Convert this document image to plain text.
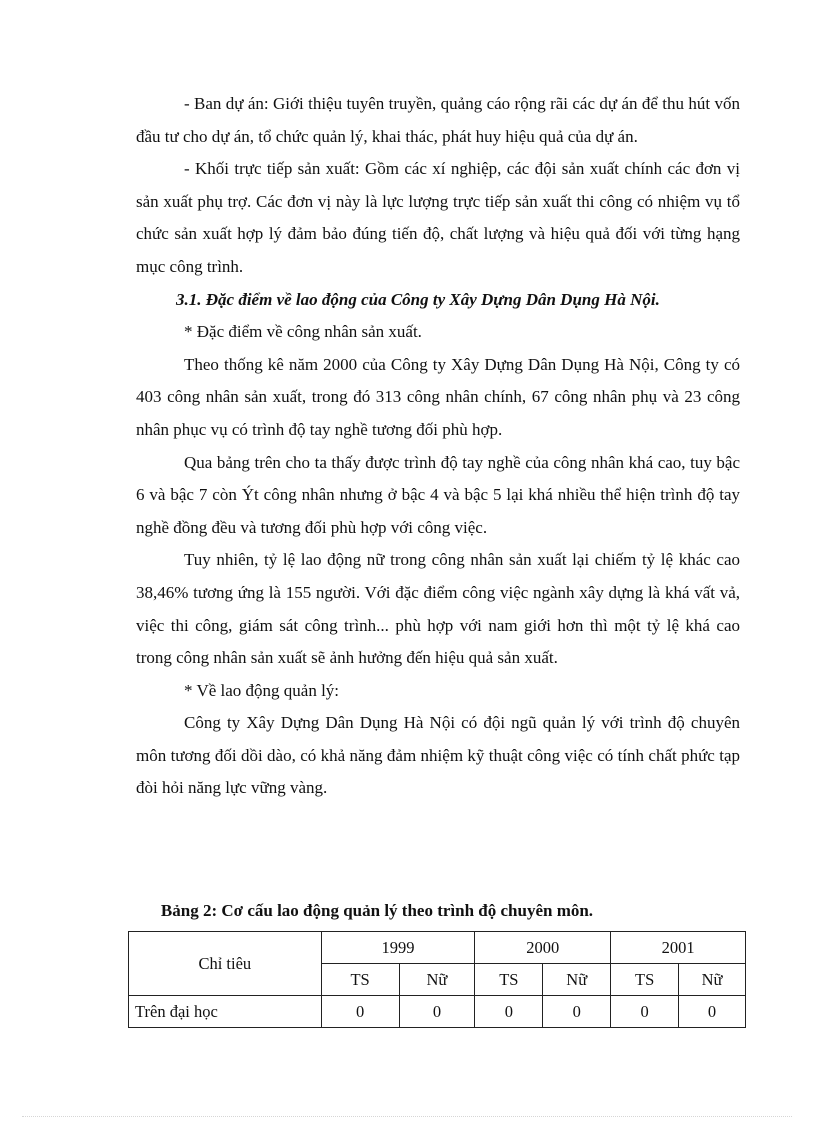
- Ban dự án: Giới thiệu tuyên truyền, quảng cáo rộng rãi các dự án để thu hút vốn đầu tư cho dự án, tổ chức quản lý, khai thác, phát huy hiệu quả của dự án.

- Khối trực tiếp sản xuất: Gồm các xí nghiệp, các đội sản xuất chính các đơn vị sản xuất phụ trợ. Các đơn vị này là lực lượng trực tiếp sản xuất thi công có nhiệm vụ tổ chức sản xuất hợp lý đảm bảo đúng tiến độ, chất lượng và hiệu quả đối với từng hạng mục công trình.

3.1. Đặc điểm về lao động của Công ty Xây Dựng Dân Dụng Hà Nội.

* Đặc điểm về công nhân sản xuất.

Theo thống kê năm 2000 của Công ty Xây Dựng Dân Dụng Hà Nội, Công ty có 403 công nhân sản xuất, trong đó 313 công nhân chính, 67 công nhân phụ và 23 công nhân phục vụ có trình độ tay nghề tương đối phù hợp.

Qua bảng trên cho ta thấy được trình độ tay nghề của công nhân khá cao, tuy bậc 6 và bậc 7 còn Ýt công nhân nhưng ở bậc 4 và bậc 5 lại khá nhiều thể hiện trình độ tay nghề đồng đều và tương đối phù hợp với công việc.

Tuy nhiên, tỷ lệ lao động nữ trong công nhân sản xuất lại chiếm tỷ lệ khác cao 38,46% tương ứng là 155 người. Với đặc điểm công việc ngành xây dựng là khá vất vả, việc thi công, giám sát công trình... phù hợp với nam giới hơn thì một tỷ lệ khá cao trong công nhân sản xuất sẽ ảnh hưởng đến hiệu quả sản xuất.

* Về lao động quản lý:

Công ty Xây Dựng Dân Dụng Hà Nội có đội ngũ quản lý với trình độ chuyên môn tương đối dồi dào, có khả năng đảm nhiệm kỹ thuật công việc có tính chất phức tạp đòi hỏi năng lực vững vàng.

Bảng 2: Cơ cấu lao động quản lý theo trình độ chuyên môn.
Chỉ tiêu	1999		2000		2001	
	TS	Nữ	TS	Nữ	TS	Nữ
Trên đại học	0	0	0	0	0	0
